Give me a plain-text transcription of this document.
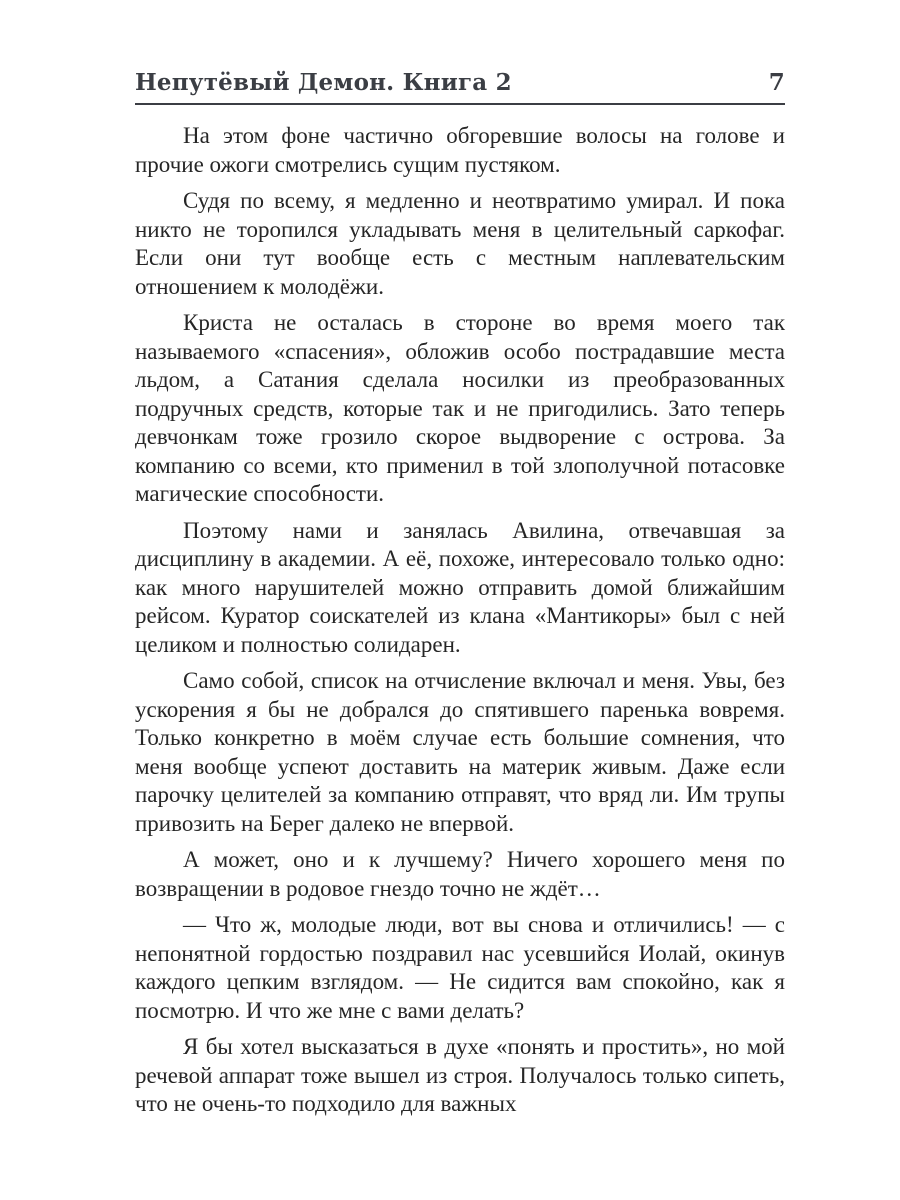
Непутёвый Демон. Книга 2	7

На этом фоне частично обгоревшие волосы на голове и прочие ожоги смотрелись сущим пустяком.

Судя по всему, я медленно и неотвратимо умирал. И пока никто не торопился укладывать меня в целительный саркофаг. Если они тут вообще есть с местным наплевательским отношением к молодёжи.

Криста не осталась в стороне во время моего так называемого «спасения», обложив особо пострадавшие места льдом, а Сатания сделала носилки из преобразованных подручных средств, которые так и не пригодились. Зато теперь девчонкам тоже грозило скорое выдворение с острова. За компанию со всеми, кто применил в той злополучной потасовке магические способности.

Поэтому нами и занялась Авилина, отвечавшая за дисциплину в академии. А её, похоже, интересовало только одно: как много нарушителей можно отправить домой ближайшим рейсом. Куратор соискателей из клана «Мантикоры» был с ней целиком и полностью солидарен.

Само собой, список на отчисление включал и меня. Увы, без ускорения я бы не добрался до спятившего паренька вовремя. Только конкретно в моём случае есть большие сомнения, что меня вообще успеют доставить на материк живым. Даже если парочку целителей за компанию отправят, что вряд ли. Им трупы привозить на Берег далеко не впервой.

А может, оно и к лучшему? Ничего хорошего меня по возвращении в родовое гнездо точно не ждёт…

— Что ж, молодые люди, вот вы снова и отличились! — с непонятной гордостью поздравил нас усевшийся Иолай, окинув каждого цепким взглядом. — Не сидится вам спокойно, как я посмотрю. И что же мне с вами делать?

Я бы хотел высказаться в духе «понять и простить», но мой речевой аппарат тоже вышел из строя. Получалось только сипеть, что не очень-то подходило для важных
